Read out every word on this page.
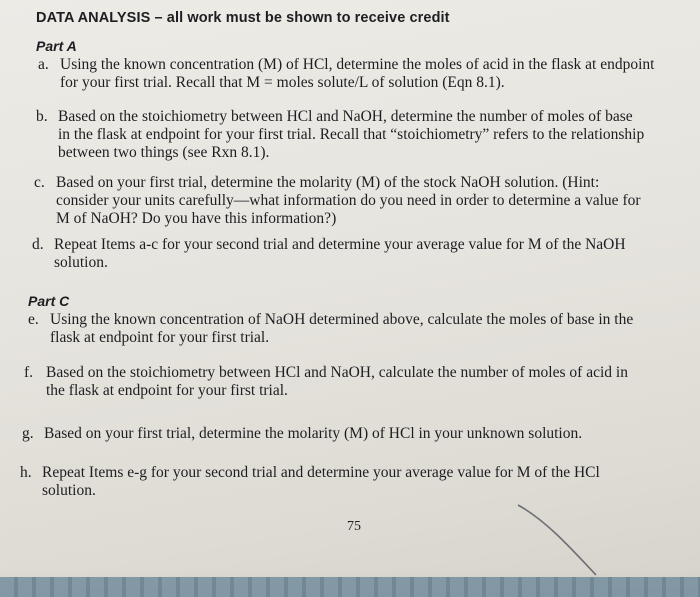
DATA ANALYSIS – all work must be shown to receive credit
Part A
a. Using the known concentration (M) of HCl, determine the moles of acid in the flask at endpoint
for your first trial. Recall that M = moles solute/L of solution (Eqn 8.1).
b. Based on the stoichiometry between HCl and NaOH, determine the number of moles of base
in the flask at endpoint for your first trial. Recall that “stoichiometry” refers to the relationship
between two things (see Rxn 8.1).
c. Based on your first trial, determine the molarity (M) of the stock NaOH solution. (Hint:
consider your units carefully—what information do you need in order to determine a value for
M of NaOH? Do you have this information?)
d. Repeat Items a-c for your second trial and determine your average value for M of the NaOH
solution.
Part C
e. Using the known concentration of NaOH determined above, calculate the moles of base in the
flask at endpoint for your first trial.
f. Based on the stoichiometry between HCl and NaOH, calculate the number of moles of acid in
the flask at endpoint for your first trial.
g. Based on your first trial, determine the molarity (M) of HCl in your unknown solution.
h. Repeat Items e-g for your second trial and determine your average value for M of the HCl
solution.
75
